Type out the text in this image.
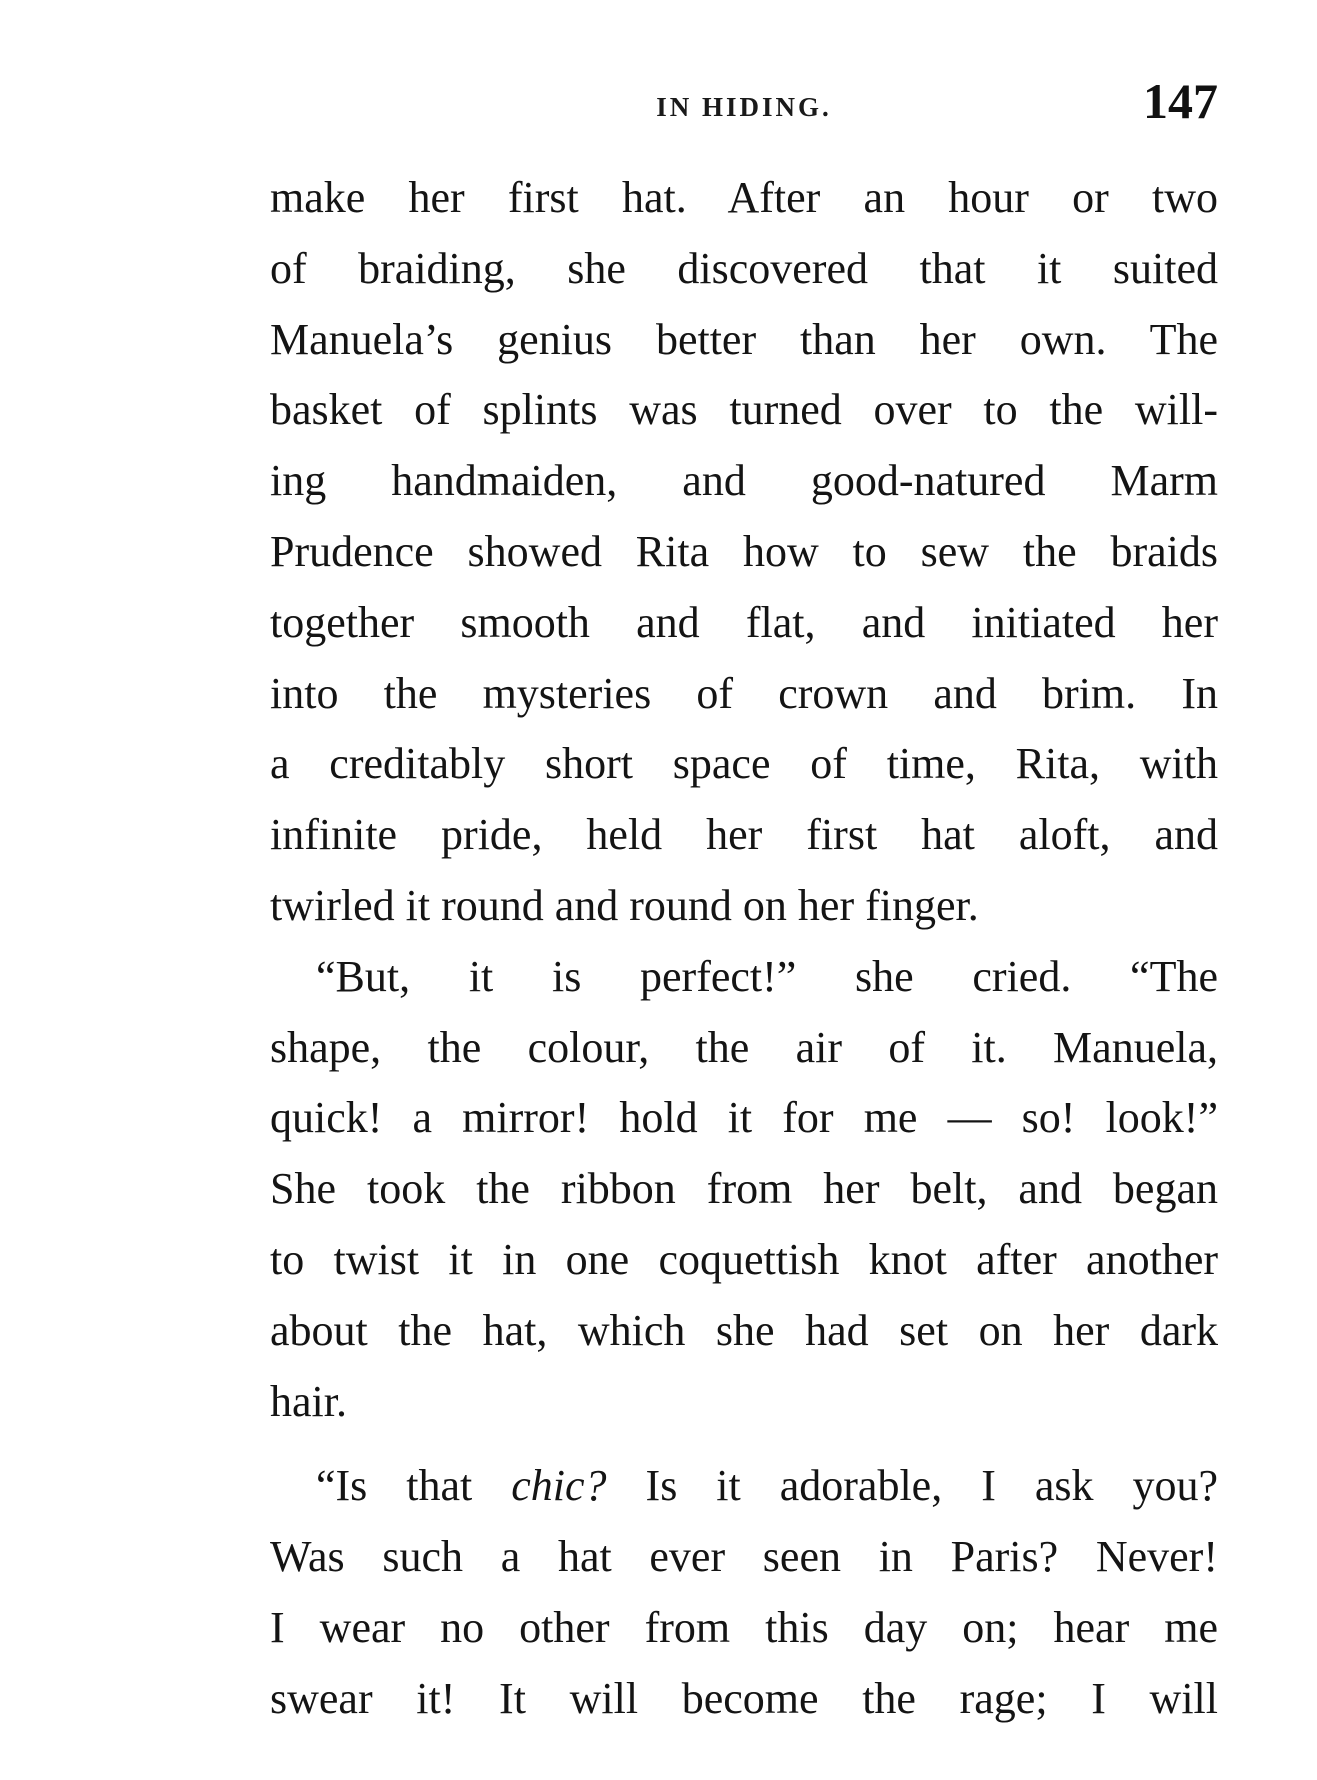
IN HIDING.	147
make her first hat. After an hour or two
of braiding, she discovered that it suited
Manuela’s genius better than her own. The
basket of splints was turned over to the will-
ing handmaiden, and good-natured Marm
Prudence showed Rita how to sew the braids
together smooth and flat, and initiated her
into the mysteries of crown and brim. In
a creditably short space of time, Rita, with
infinite pride, held her first hat aloft, and
twirled it round and round on her finger.
“But, it is perfect!” she cried. “The
shape, the colour, the air of it. Manuela,
quick! a mirror! hold it for me — so! look!”
She took the ribbon from her belt, and began
to twist it in one coquettish knot after another
about the hat, which she had set on her dark
hair.
“Is that chic? Is it adorable, I ask you?
Was such a hat ever seen in Paris? Never!
I wear no other from this day on; hear me
swear it! It will become the rage; I will
